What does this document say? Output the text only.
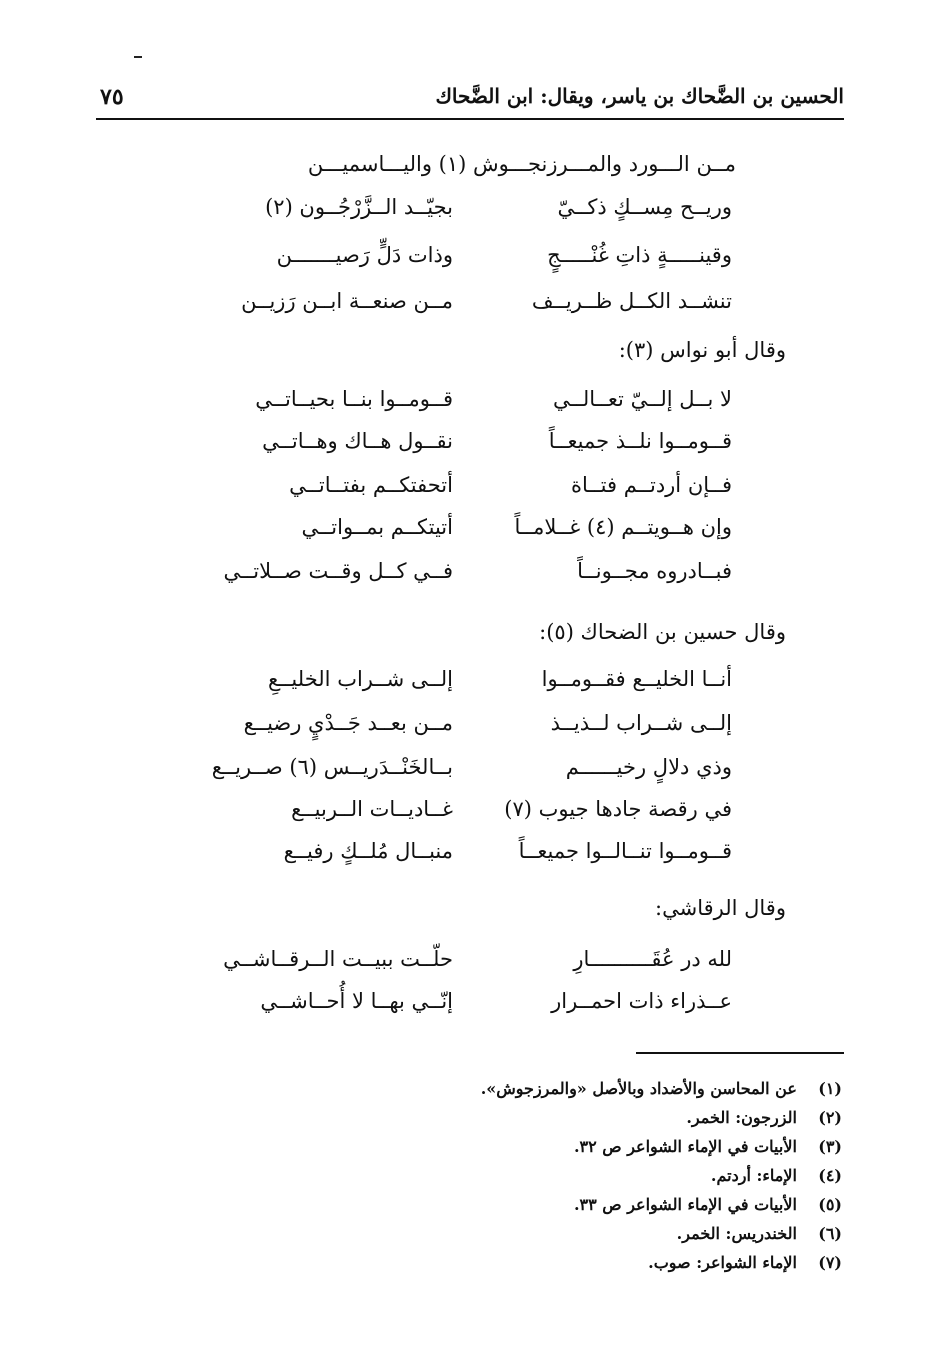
٧٥	الحسين بن الضَّحاك بن ياسر، ويقال: ابن الضَّحاك
مــن الـــورد والمـــرزنجـــوش (١) واليـــاسميـــن
وريــح مِســكٍ ذكــيّ
بجيّــد الــزَّرْجُــون (٢)
وقينـــــةٍ ذاتِ غُنْـــــجٍ
وذات دَلٍّ رَصيـــــــن
تنشــد الكــل ظــريــف
مــن صنعــة ابــن رَزيــن
وقال أبو نواس (٣):
لا بــل إلــيّ تعــالــي
قــومــوا بنــا بحيــاتــي
قــومــوا نلــذ جميعــاً
نقــول هــاك وهــاتــي
فــإن أردتــم فتــاة
أتحفتكــم بفتــاتــي
وإن هــويتــم (٤) غــلامــاً
أتيتكــم بمــواتــي
فبــادروه مجــونــاً
فــي كــل وقــت صــلاتــي
وقال حسين بن الضحاك (٥):
أنــا الخليــع فقــومــوا
إلــى شــراب الخليــعِ
إلــى شــراب لــذيــذ
مــن بعــد جَــدْيٍ رضيــع
وذي دلالٍ رخيــــــم
بــالخَنْــدَريــس (٦) صــريــع
في رقصة جادها جيوب (٧)
غــاديــات الــربيــع
قــومــوا تنــالــوا جميعــاً
منبــال مُلــكٍ رفيــع
وقال الرقاشي:
لله در عُقَــــــــــارِ
حلّــت ببيــت الــرقــاشــي
عــذراء ذات احمــرار
إنّــي بهــا لا أُحــاشــي
(١) عن المحاسن والأضداد وبالأصل «والمرزجوش».
(٢) الزرجون: الخمر.
(٣) الأبيات في الإماء الشواعر ص ٣٢.
(٤) الإماء: أردتم.
(٥) الأبيات في الإماء الشواعر ص ٣٣.
(٦) الخندريس: الخمر.
(٧) الإماء الشواعر: صوب.
